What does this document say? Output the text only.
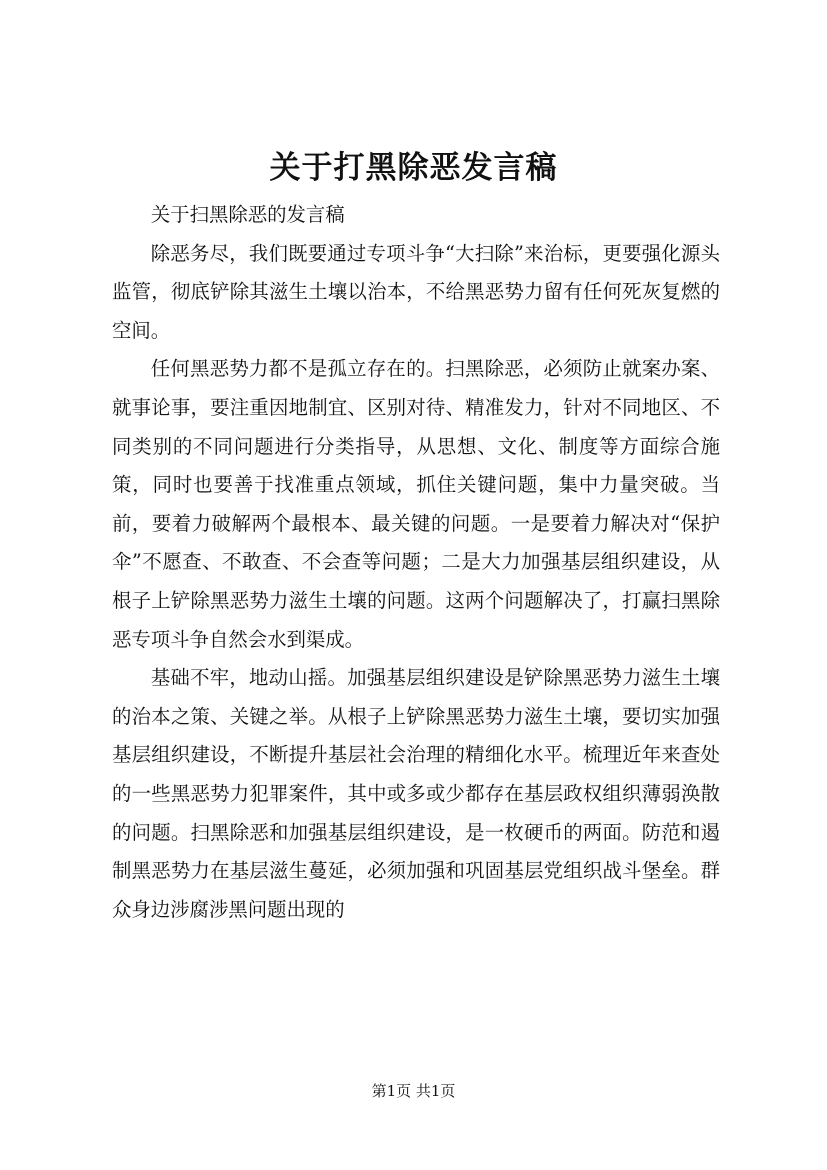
关于打黑除恶发言稿

关于扫黑除恶的发言稿

除恶务尽，我们既要通过专项斗争“大扫除”来治标，更要强化源头监管，彻底铲除其滋生土壤以治本，不给黑恶势力留有任何死灰复燃的空间。

任何黑恶势力都不是孤立存在的。扫黑除恶，必须防止就案办案、就事论事，要注重因地制宜、区别对待、精准发力，针对不同地区、不同类别的不同问题进行分类指导，从思想、文化、制度等方面综合施策，同时也要善于找准重点领域，抓住关键问题，集中力量突破。当前，要着力破解两个最根本、最关键的问题。一是要着力解决对“保护伞”不愿查、不敢查、不会查等问题；二是大力加强基层组织建设，从根子上铲除黑恶势力滋生土壤的问题。这两个问题解决了，打赢扫黑除恶专项斗争自然会水到渠成。

基础不牢，地动山摇。加强基层组织建设是铲除黑恶势力滋生土壤的治本之策、关键之举。从根子上铲除黑恶势力滋生土壤，要切实加强基层组织建设，不断提升基层社会治理的精细化水平。梳理近年来查处的一些黑恶势力犯罪案件，其中或多或少都存在基层政权组织薄弱涣散的问题。扫黑除恶和加强基层组织建设，是一枚硬币的两面。防范和遏制黑恶势力在基层滋生蔓延，必须加强和巩固基层党组织战斗堡垒。群众身边涉腐涉黑问题出现的

第1页 共1页
